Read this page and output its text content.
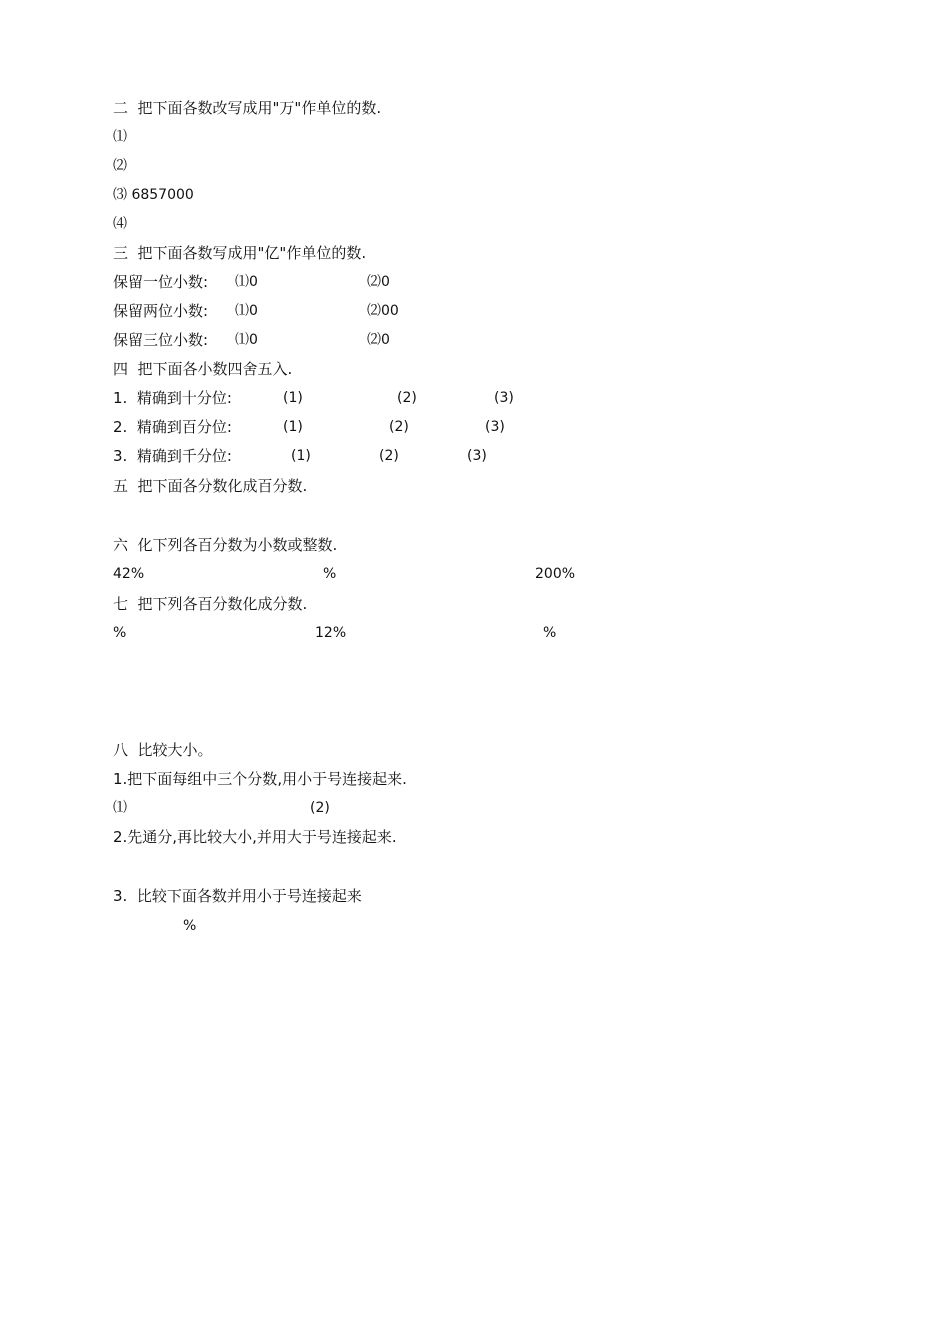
二  把下面各数改写成用"万"作单位的数.
⑴
⑵
⑶ 6857000
⑷
三  把下面各数写成用"亿"作单位的数.
保留一位小数: ⑴0	⑵0
保留两位小数: ⑴0	⑵00
保留三位小数: ⑴0	⑵0
四  把下面各小数四舍五入.
1.  精确到十分位:	(1)	(2)	(3)
2.  精确到百分位:	(1)	(2)	(3)
3.  精确到千分位:	(1)	(2)	(3)
五  把下面各分数化成百分数.
六  化下列各百分数为小数或整数.
42%	%	200%
七  把下列各百分数化成分数.
%	12%	%
八  比较大小。
1.把下面每组中三个分数,用小于号连接起来.
⑴	(2)
2.先通分,再比较大小,并用大于号连接起来.
3.  比较下面各数并用小于号连接起来
%
